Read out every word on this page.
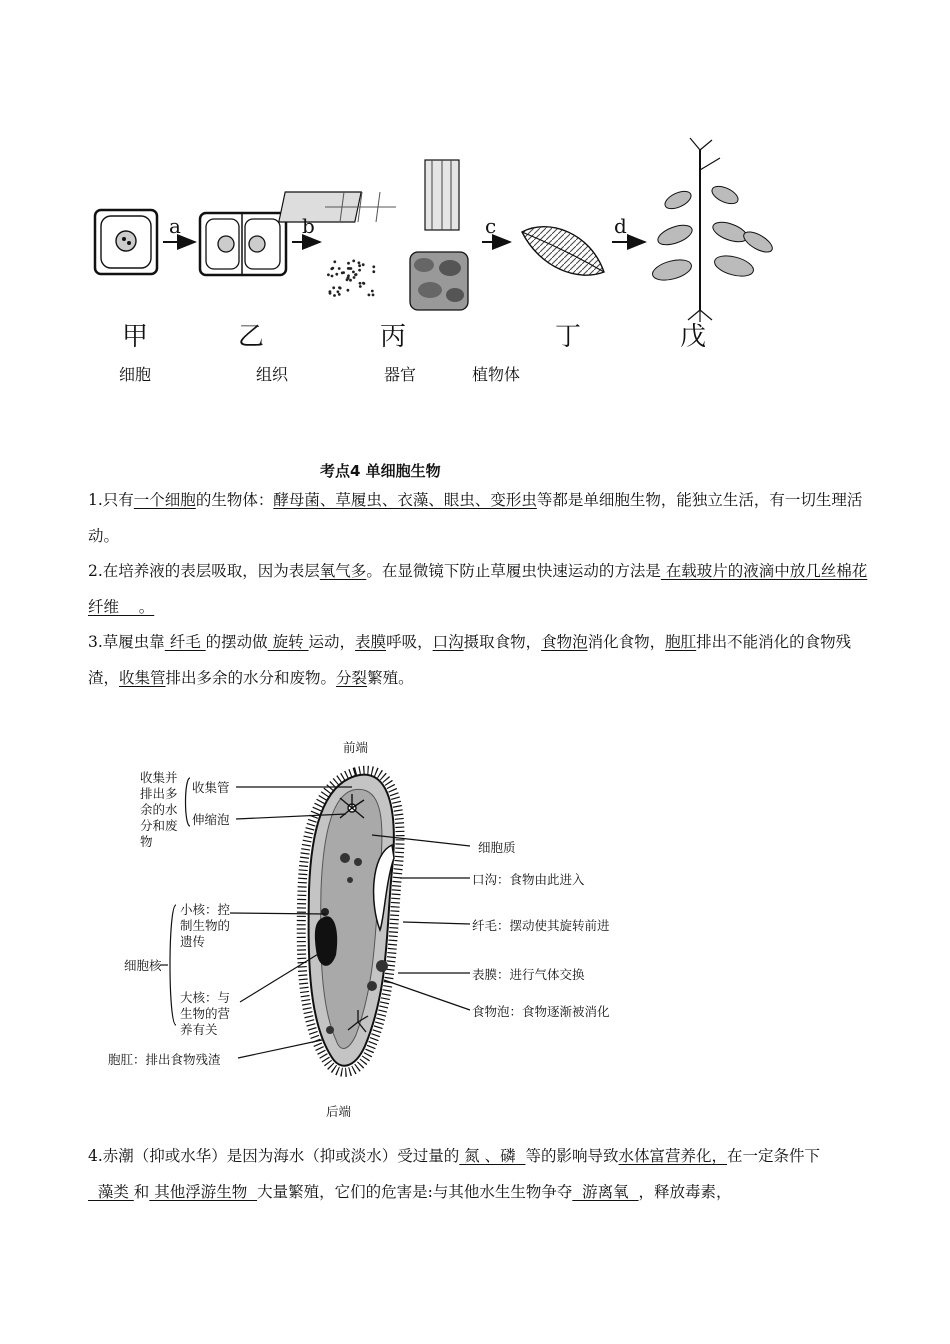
a	b	c	d
甲	乙	丙	丁	戊
细胞	组织	器官	植物体
考点4 单细胞生物
1.只有一个细胞的生物体：酵母菌、草履虫、衣藻、眼虫、变形虫等都是单细胞生物，能独立生活，有一切生理活动。
2.在培养液的表层吸取，因为表层氧气多。在显微镜下防止草履虫快速运动的方法是 在载玻片的液滴中放几丝棉花纤维    。
3.草履虫靠 纤毛 的摆动做 旋转 运动，表膜呼吸，口沟摄取食物，食物泡消化食物，胞肛排出不能消化的食物残渣，收集管排出多余的水分和废物。分裂繁殖。
前端
后端
收集并
排出多
余的水
分和废
物
收集管
伸缩泡
细胞核
小核：控
制生物的
遗传
大核：与
生物的营
养有关
胞肛：排出食物残渣
细胞质
口沟：食物由此进入
纤毛：摆动使其旋转前进
表膜：进行气体交换
食物泡：食物逐渐被消化
4.赤潮（抑或水华）是因为海水（抑或淡水）受过量的 氮 、磷  等的影响导致水体富营养化，在一定条件下  藻类 和 其他浮游生物  大量繁殖，它们的危害是:与其他水生生物争夺  游离氧  ，释放毒素，
